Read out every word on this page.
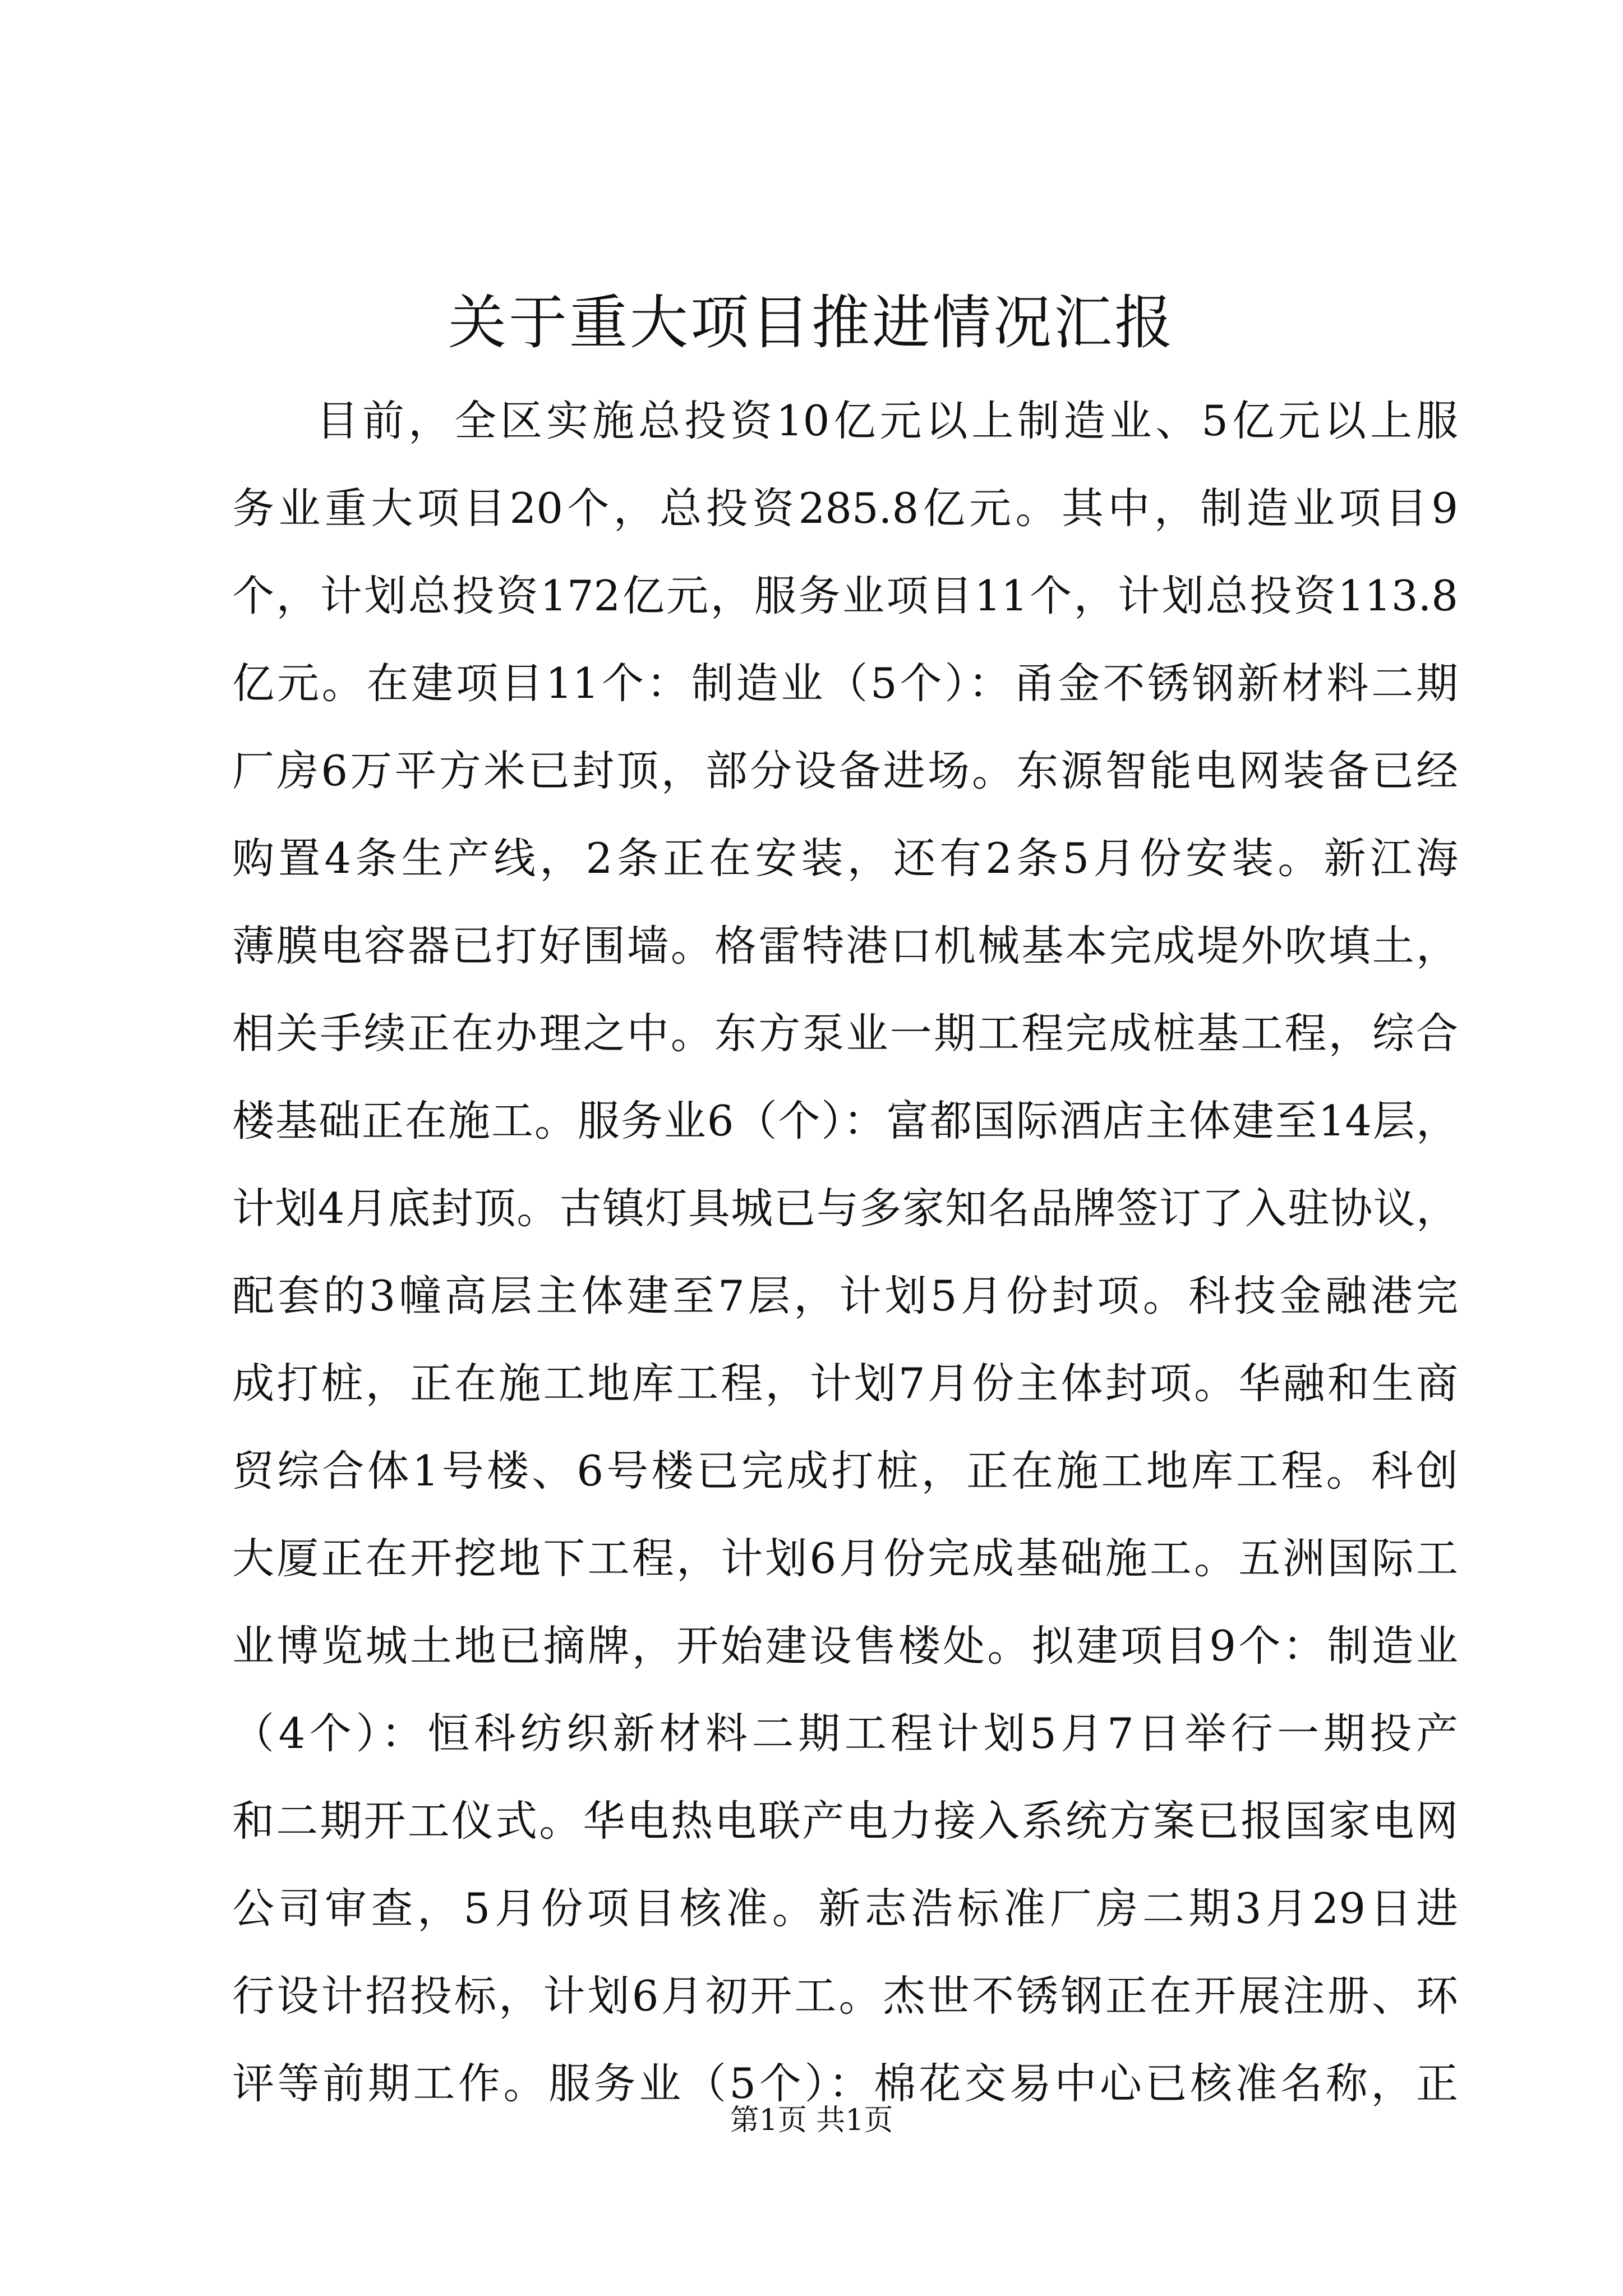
关于重大项目推进情况汇报
目前，全区实施总投资10亿元以上制造业、5亿元以上服
务业重大项目20个，总投资285.8亿元。其中，制造业项目9
个，计划总投资172亿元，服务业项目11个，计划总投资113.8
亿元。在建项目11个：制造业（5个）：甬金不锈钢新材料二期
厂房6万平方米已封顶，部分设备进场。东源智能电网装备已经
购置4条生产线，2条正在安装，还有2条5月份安装。新江海
薄膜电容器已打好围墙。格雷特港口机械基本完成堤外吹填土，
相关手续正在办理之中。东方泵业一期工程完成桩基工程，综合
楼基础正在施工。服务业6（个）：富都国际酒店主体建至14层，
计划4月底封顶。古镇灯具城已与多家知名品牌签订了入驻协议，
配套的3幢高层主体建至7层，计划5月份封项。科技金融港完
成打桩，正在施工地库工程，计划7月份主体封项。华融和生商
贸综合体1号楼、6号楼已完成打桩，正在施工地库工程。科创
大厦正在开挖地下工程，计划6月份完成基础施工。五洲国际工
业博览城土地已摘牌，开始建设售楼处。拟建项目9个：制造业
（4个）：恒科纺织新材料二期工程计划5月7日举行一期投产
和二期开工仪式。华电热电联产电力接入系统方案已报国家电网
公司审查，5月份项目核准。新志浩标准厂房二期3月29日进
行设计招投标，计划6月初开工。杰世不锈钢正在开展注册、环
评等前期工作。服务业（5个）：棉花交易中心已核准名称，正
第1页 共1页
